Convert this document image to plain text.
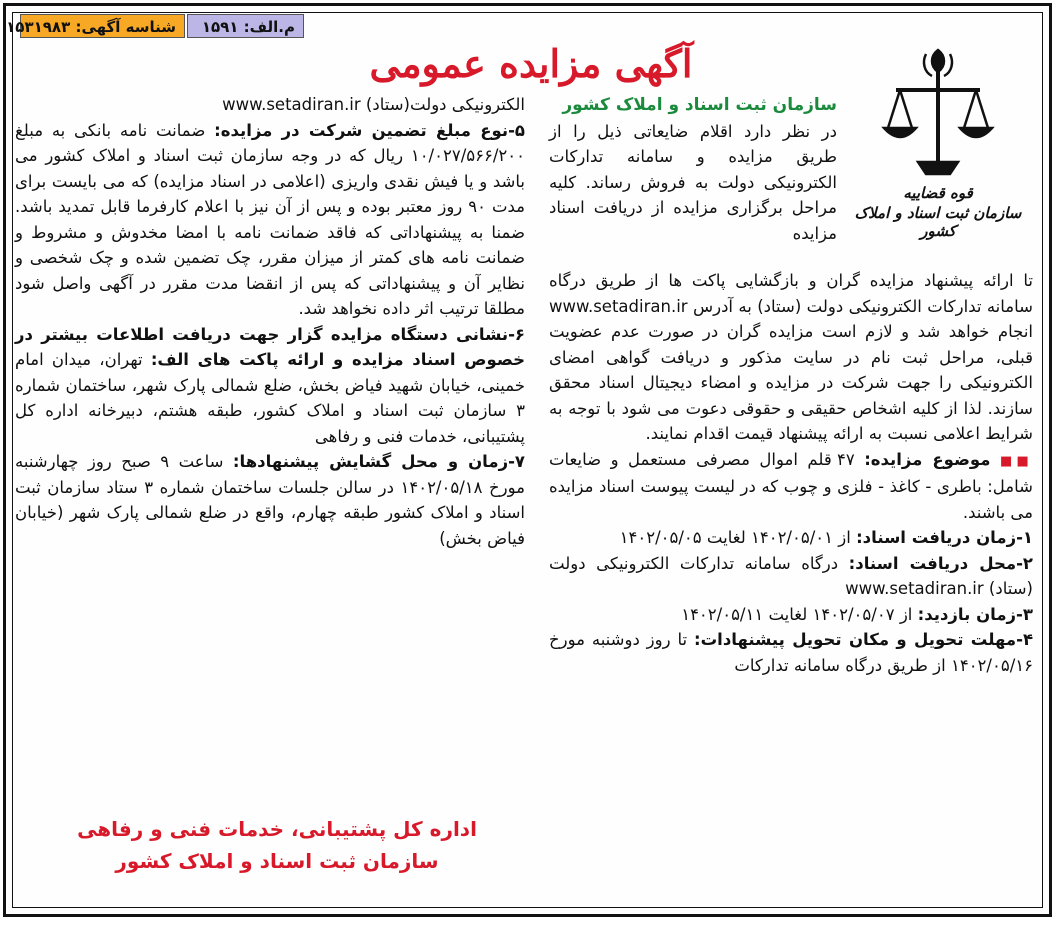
شناسه آگهی: ۱۵۳۱۹۸۳	م.الف: ۱۵۹۱
آگهی مزایده عمومی
قوه قضاییه
سازمان ثبت اسناد و املاک کشور

سازمان ثبت اسناد و املاک کشور

در نظر دارد اقلام ضایعاتی ذیل را از طریق مزایده و سامانه تدارکات الکترونیکی دولت به فروش رساند. کلیه مراحل برگزاری مزایده از دریافت اسناد مزایده

تا ارائه پیشنهاد مزایده گران و بازگشایی پاکت ها از طریق درگاه سامانه تدارکات الکترونیکی دولت (ستاد) به آدرس www.setadiran.ir انجام خواهد شد و لازم است مزایده گران در صورت عدم عضویت قبلی، مراحل ثبت نام در سایت مذکور و دریافت گواهی امضای الکترونیکی را جهت شرکت در مزایده و امضاء دیجیتال اسناد محقق سازند. لذا از کلیه اشخاص حقیقی و حقوقی دعوت می شود با توجه به شرایط اعلامی نسبت به ارائه پیشنهاد قیمت اقدام نمایند.

■■ موضوع مزایده: ۴۷ قلم اموال مصرفی مستعمل و ضایعات شامل: باطری - کاغذ - فلزی و چوب که در لیست پیوست اسناد مزایده می باشند.

۱-زمان دریافت اسناد: از ۱۴۰۲/۰۵/۰۱ لغایت ۱۴۰۲/۰۵/۰۵

۲-محل دریافت اسناد: درگاه سامانه تدارکات الکترونیکی دولت (ستاد) www.setadiran.ir

۳-زمان بازدید: از ۱۴۰۲/۰۵/۰۷ لغایت ۱۴۰۲/۰۵/۱۱

۴-مهلت تحویل و مکان تحویل پیشنهادات: تا روز دوشنبه مورخ ۱۴۰۲/۰۵/۱۶ از طریق درگاه سامانه تدارکات

الکترونیکی دولت(ستاد) www.setadiran.ir

۵-نوع مبلغ تضمین شرکت در مزایده: ضمانت نامه بانکی به مبلغ ۱۰/۰۲۷/۵۶۶/۲۰۰ ریال که در وجه سازمان ثبت اسناد و املاک کشور می باشد و یا فیش نقدی واریزی (اعلامی در اسناد مزایده) که می بایست برای مدت ۹۰ روز معتبر بوده و پس از آن نیز با اعلام کارفرما قابل تمدید باشد. ضمنا به پیشنهاداتی که فاقد ضمانت نامه با امضا مخدوش و مشروط و ضمانت نامه های کمتر از میزان مقرر، چک تضمین شده و چک شخصی و نظایر آن و پیشنهاداتی که پس از انقضا مدت مقرر در آگهی واصل شود مطلقا ترتیب اثر داده نخواهد شد.

۶-نشانی دستگاه مزایده گزار جهت دریافت اطلاعات بیشتر در خصوص اسناد مزایده و ارائه پاکت های الف: تهران، میدان امام خمینی، خیابان شهید فیاض بخش، ضلع شمالی پارک شهر، ساختمان شماره ۳ سازمان ثبت اسناد و املاک کشور، طبقه هشتم، دبیرخانه اداره کل پشتیبانی، خدمات فنی و رفاهی

۷-زمان و محل گشایش پیشنهادها: ساعت ۹ صبح روز چهارشنبه مورخ ۱۴۰۲/۰۵/۱۸ در سالن جلسات ساختمان شماره ۳ ستاد سازمان ثبت اسناد و املاک کشور طبقه چهارم، واقع در ضلع شمالی پارک شهر (خیابان فیاض بخش)

اداره کل پشتیبانی، خدمات فنی و رفاهی
سازمان ثبت اسناد و املاک کشور
